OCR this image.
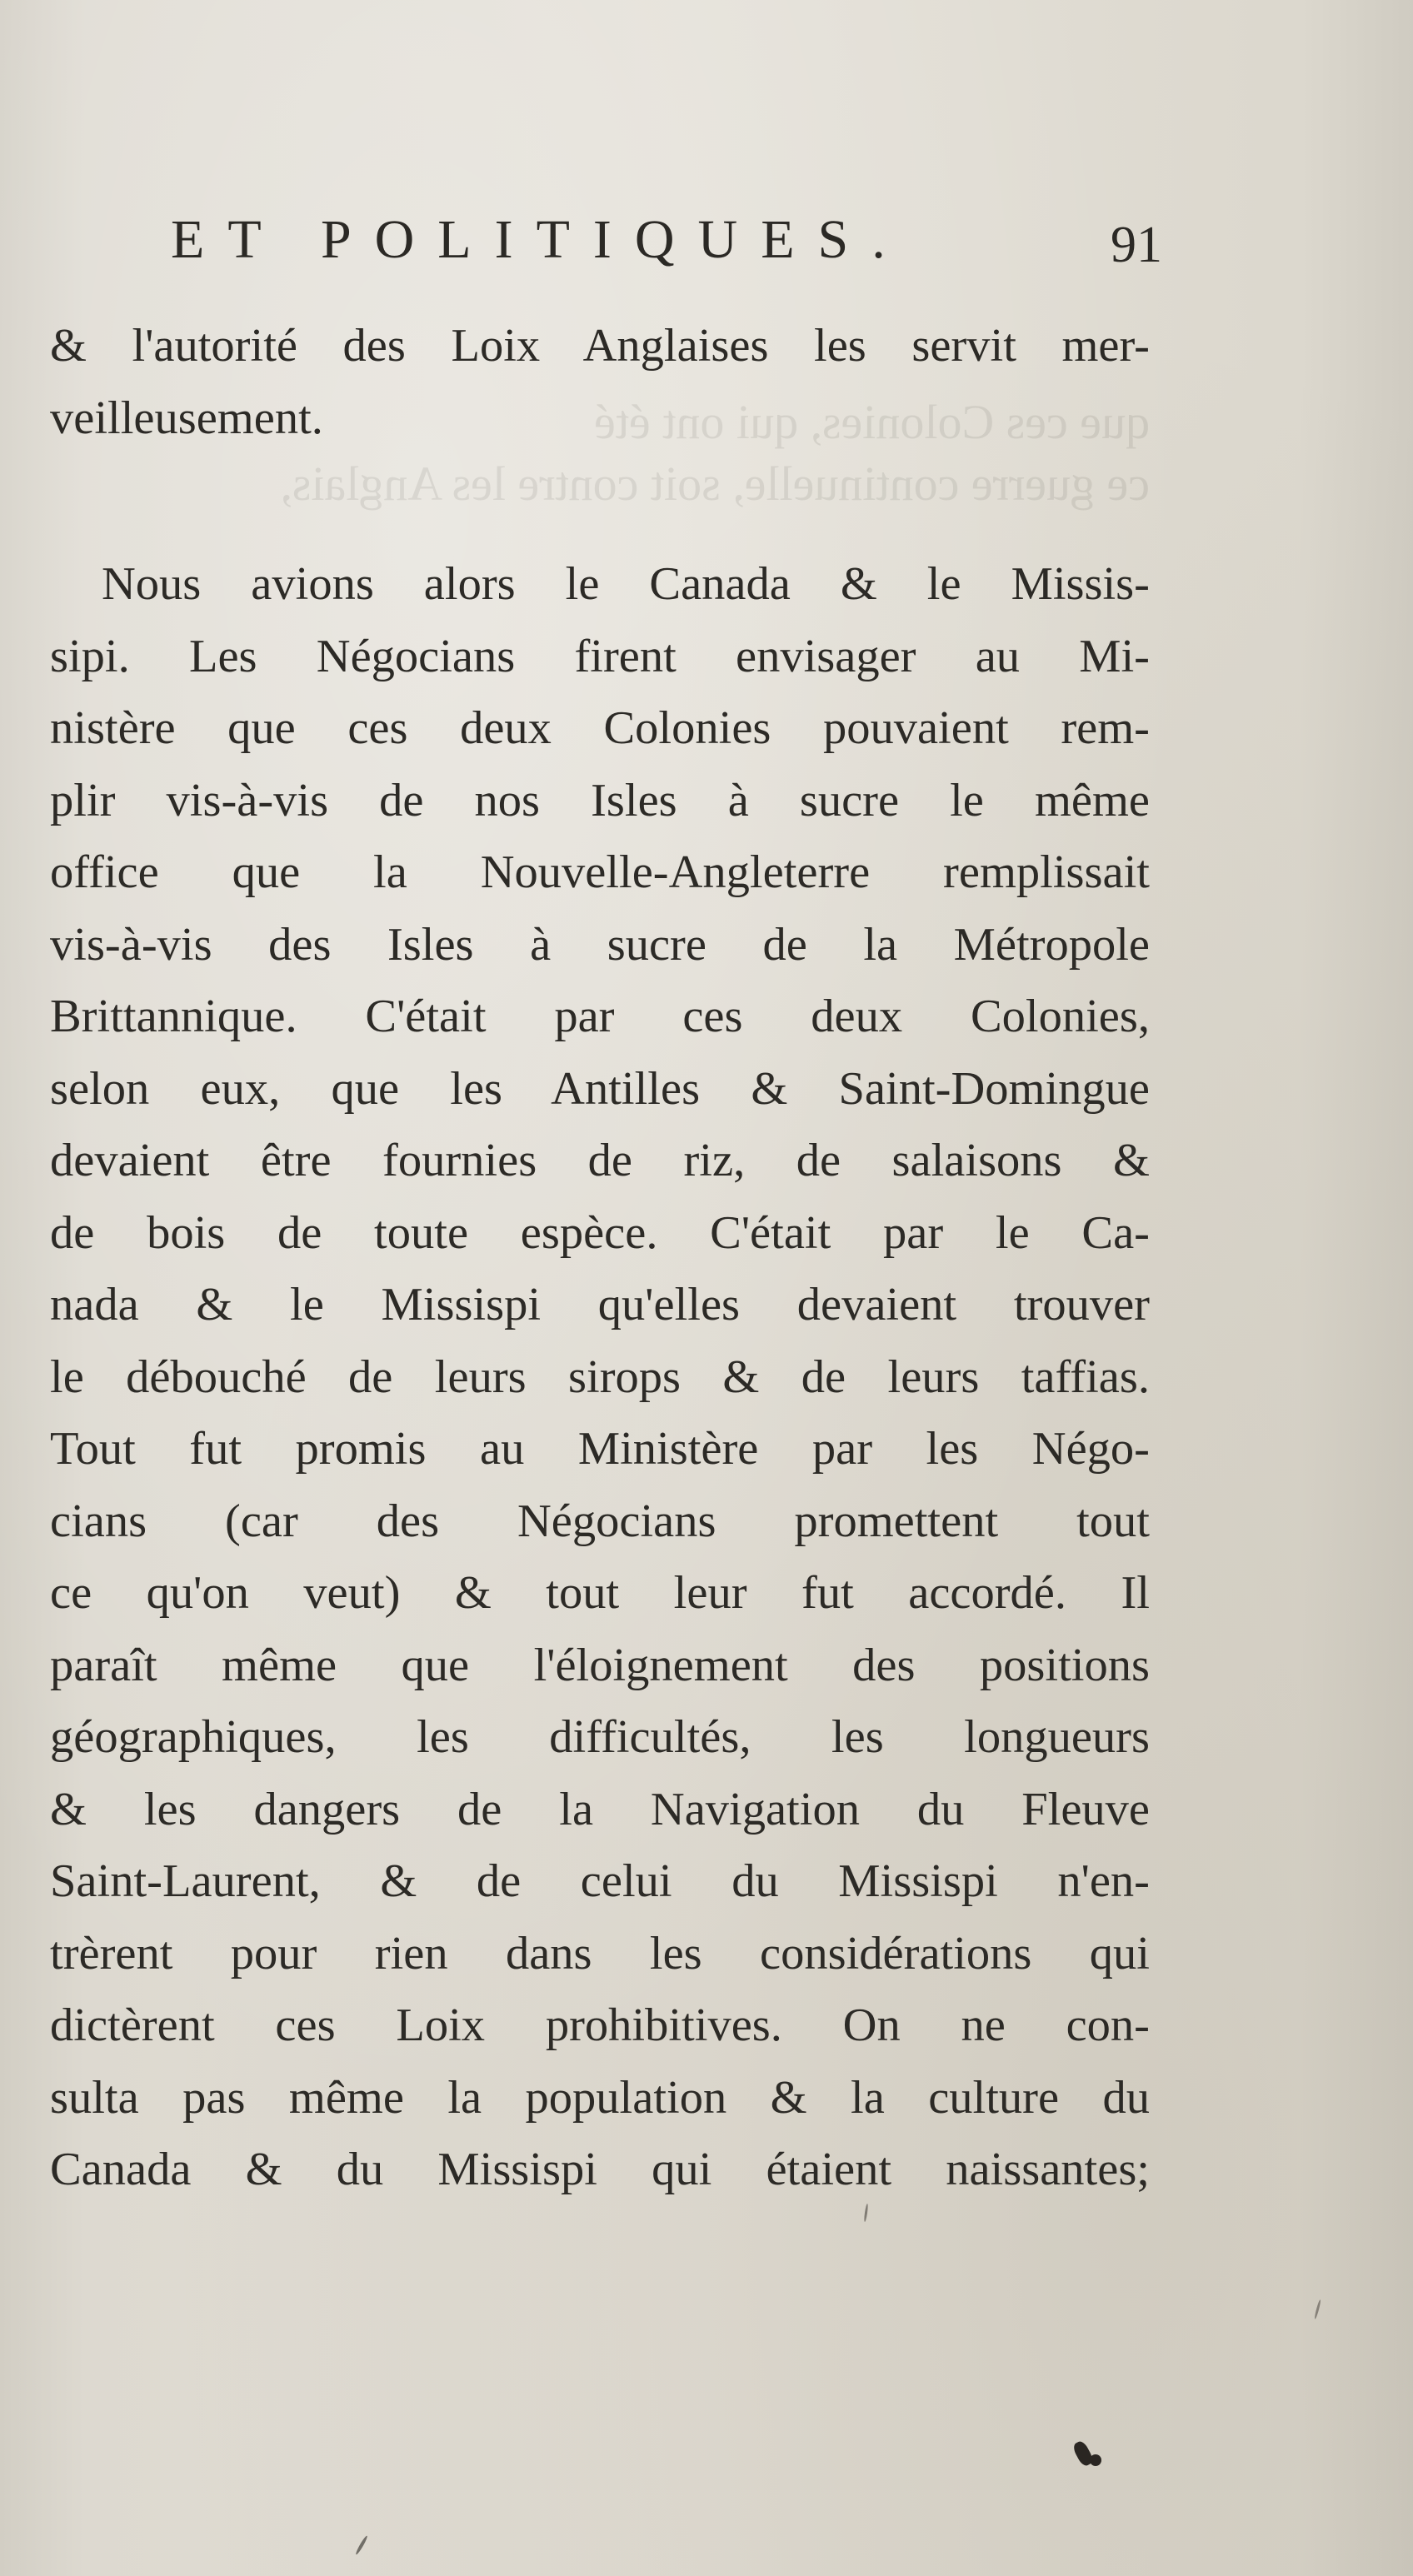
que ces Colonies, qui ont été
ce guerre continuelle, soit contre les Anglais,
ET POLITIQUES.	91

& l'autorité des Loix Anglaises les servit mer-
veilleusement.

Nous avions alors le Canada & le Missis-
sipi. Les Négocians firent envisager au Mi-
nistère que ces deux Colonies pouvaient rem-
plir vis-à-vis de nos Isles à sucre le même
office que la Nouvelle-Angleterre remplissait
vis-à-vis des Isles à sucre de la Métropole
Brittannique. C'était par ces deux Colonies,
selon eux, que les Antilles & Saint-Domingue
devaient être fournies de riz, de salaisons &
de bois de toute espèce. C'était par le Ca-
nada & le Missispi qu'elles devaient trouver
le débouché de leurs sirops & de leurs taffias.
Tout fut promis au Ministère par les Négo-
cians (car des Négocians promettent tout
ce qu'on veut) & tout leur fut accordé. Il
paraît même que l'éloignement des positions
géographiques, les difficultés, les longueurs
& les dangers de la Navigation du Fleuve
Saint-Laurent, & de celui du Missispi n'en-
trèrent pour rien dans les considérations qui
dictèrent ces Loix prohibitives. On ne con-
sulta pas même la population & la culture du
Canada & du Missispi qui étaient naissantes;
